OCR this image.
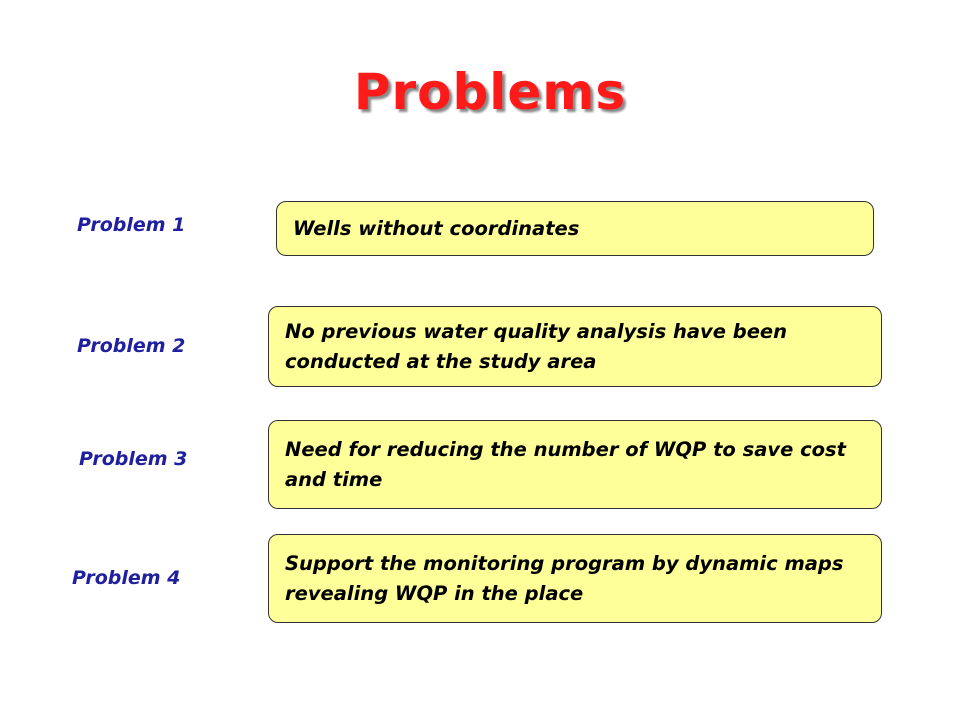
Problems
Problem 1	Wells without coordinates
Problem 2
No previous water quality analysis have been conducted at the study area
Problem 3	Need for reducing the number of WQP to save cost and time
Problem 4
Support the monitoring program by dynamic maps revealing WQP in the place
